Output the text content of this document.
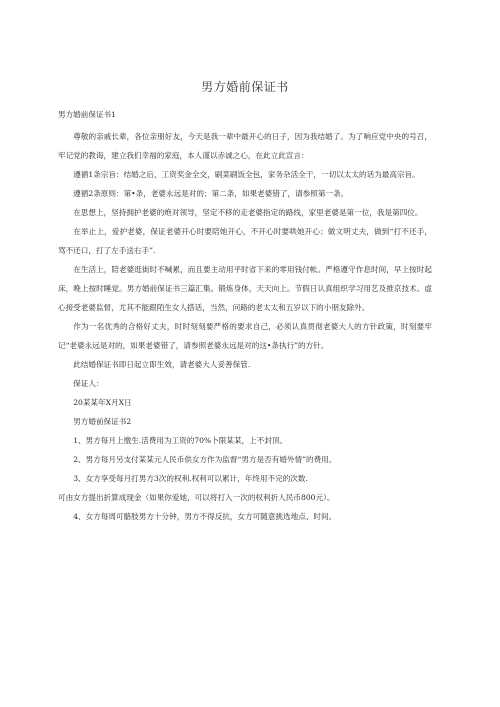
男方婚前保证书
男方婚前保证书1

尊敬的亲戚长辈，各位亲朋好友，今天是我一辈中最开心的日子，因为我结婚了。为了响应党中央的号召，牢记党的教诲，建立我们幸福的家庭，本人谨以赤诚之心，在此立此宣言：

遵循1条宗旨：结婚之后，工资奖金全交，刷菜刷饭全包，家务杂活全干，一切以太太的话为最高宗旨。

遵循2条原则：第•条，老婆永远是对的；第二条，如果老婆错了，请参照第一条。

在思想上，坚持拥护老婆的绝对领导，坚定不移的走老婆指定的路线，家里老婆是第一位，我是第四位。

在举止上，爱护老婆，保证老婆开心时要陪她开心，不开心时要哄她开心；做文明丈夫，做到“打不还手，骂不还口，打了左手送右手”.

在生活上，陪老婆逛街时不喊累，而且要主动用平时省下来的零用钱付帐。严格遵守作息时间，早上按时起床，晚上按时睡觉。男方婚前保证书三篇汇集。锻炼身体，天天向上。节假日认真组织学习用艺及推京技术。虚心接受老婆监督，尤其不能跟陌生女人搭话，当然，问路的老太太和五岁以下的小朋友除外。

作为一名优秀的合格好丈夫，时时刻刻要严格的要求自己，必须认真贯彻老婆大人的方针政策，时刻要牢记“老婆永远是对的，如果老婆错了，请参照老婆永远是对的这•条执行”的方针。

此结婚保证书即日起立即生效，请老婆大人妥善保管.

保证人：

20某某年X月X日

男方婚前保证书2

1、男方每月上缴生.活费用为工资的70%卜限某某，上不封顶。

2、男方每月另支付某某元人民币供女方作为监督“男方是否有婚外情”的费用。

3、女方享受每月打男方3次的权利.权利可以累计，年终用不完的次数.

可由女方提出折算成现金（如果你爱她，可以将打入一次的权利折人民币800元）。

4、女方每周可骼肢男方十分钟，男方不得反抗，女方可随意挑选地点、时间。
